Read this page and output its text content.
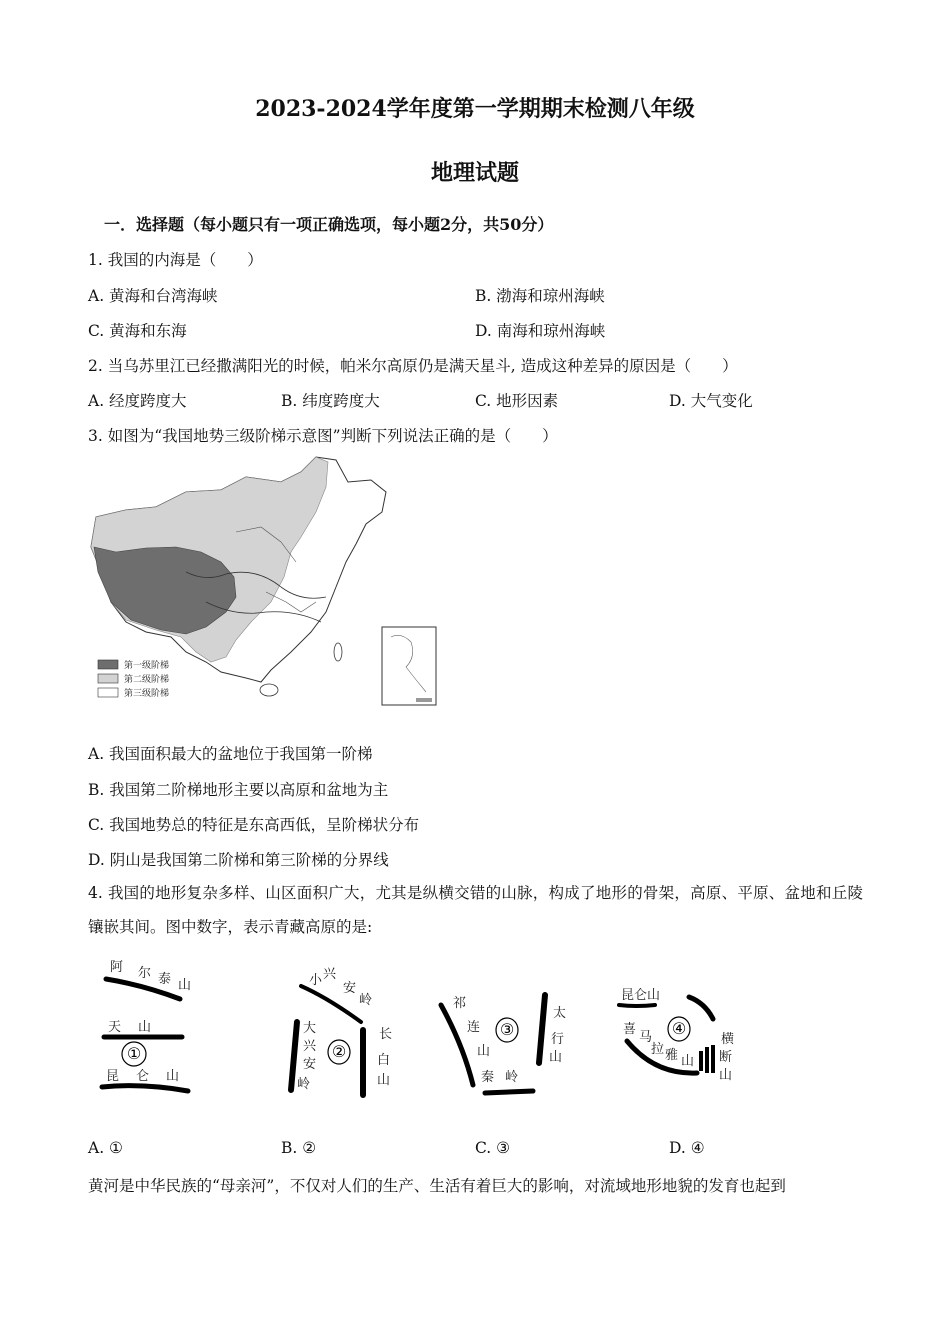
2023-2024学年度第一学期期末检测八年级
地理试题
一．选择题（每小题只有一项正确选项，每小题2分，共50分）
1. 我国的内海是（　　）
A. 黄海和台湾海峡	B. 渤海和琼州海峡
C. 黄海和东海	D. 南海和琼州海峡
2. 当乌苏里江已经撒满阳光的时候，帕米尔高原仍是满天星斗, 造成这种差异的原因是（　　）
A. 经度跨度大	B. 纬度跨度大	C. 地形因素	D. 大气变化
3. 如图为“我国地势三级阶梯示意图”判断下列说法正确的是（　　）
第一级阶梯
第二级阶梯
第三级阶梯
A. 我国面积最大的盆地位于我国第一阶梯
B. 我国第二阶梯地形主要以高原和盆地为主
C. 我国地势总的特征是东高西低，呈阶梯状分布
D. 阴山是我国第二阶梯和第三阶梯的分界线
4. 我国的地形复杂多样、山区面积广大，尤其是纵横交错的山脉，构成了地形的骨架，高原、平原、盆地和丘陵镶嵌其间。图中数字，表示青藏高原的是:
阿 尔 泰 山
天 山
①
昆 仑 山
小 兴
安
岭
大
兴
安
岭
②
长
白
山
祁
连
山
③
太
行
山
秦 岭
昆仑山
喜
马
拉 雅 山
④
横
断
山
A. ①	B. ②	C. ③	D. ④
黄河是中华民族的“母亲河”，不仅对人们的生产、生活有着巨大的影响，对流域地形地貌的发育也起到
